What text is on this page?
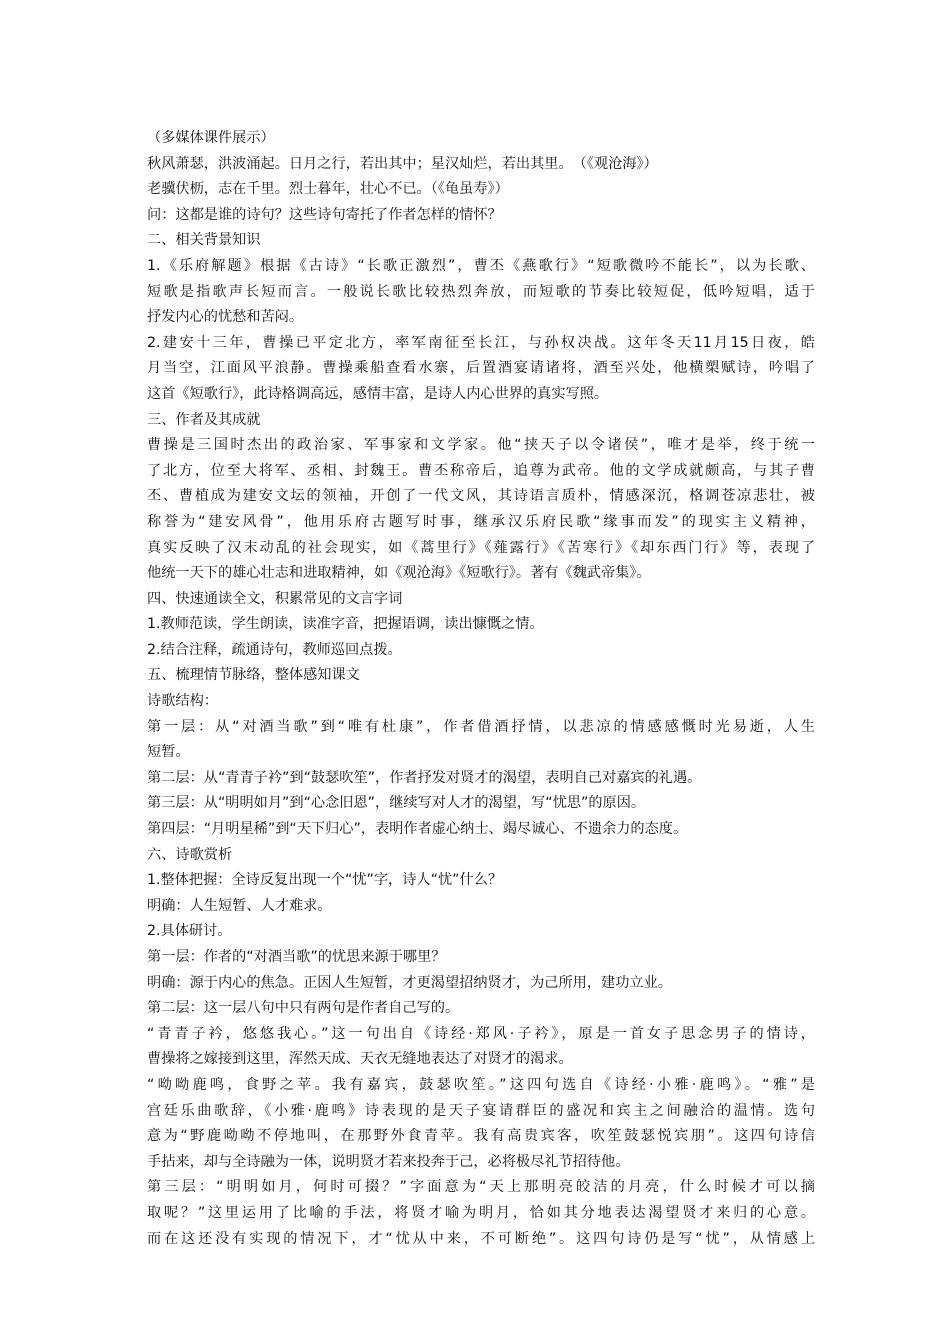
（多媒体课件展示）
秋风萧瑟，洪波涌起。日月之行，若出其中；星汉灿烂，若出其里。　（《观沧海》）
老骥伏枥，志在千里。烈士暮年，壮心不已。（《龟虽寿》）
问：这都是谁的诗句？这些诗句寄托了作者怎样的情怀？
二、相关背景知识
1.《乐府解题》根据《古诗》“长歌正激烈”，曹丕《燕歌行》“短歌微吟不能长”，以为长歌、
短歌是指歌声长短而言。一般说长歌比较热烈奔放，而短歌的节奏比较短促，低吟短唱，适于
抒发内心的忧愁和苦闷。
2.建安十三年，曹操已平定北方，率军南征至长江，与孙权决战。这年冬天11月15日夜，皓
月当空，江面风平浪静。曹操乘船查看水寨，后置酒宴请诸将，酒至兴处，他横槊赋诗，吟唱了
这首《短歌行》，此诗格调高远，感情丰富，是诗人内心世界的真实写照。
三、作者及其成就
曹操是三国时杰出的政治家、军事家和文学家。他“挟天子以令诸侯”，唯才是举，终于统一
了北方，位至大将军、丞相、封魏王。曹丕称帝后，追尊为武帝。他的文学成就颇高，与其子曹
丕、曹植成为建安文坛的领袖，开创了一代文风，其诗语言质朴，情感深沉，格调苍凉悲壮，被
称誉为“建安风骨”，他用乐府古题写时事，继承汉乐府民歌“缘事而发”的现实主义精神，
真实反映了汉末动乱的社会现实，如《蒿里行》《薤露行》《苦寒行》《却东西门行》等，表现了
他统一天下的雄心壮志和进取精神，如《观沧海》《短歌行》。著有《魏武帝集》。
四、快速通读全文，积累常见的文言字词
1.教师范读，学生朗读，读准字音，把握语调，读出慷慨之情。
2.结合注释，疏通诗句，教师巡回点拨。
五、梳理情节脉络，整体感知课文
诗歌结构：
第一层：从“对酒当歌”到“唯有杜康”，作者借酒抒情，以悲凉的情感感慨时光易逝，人生
短暂。
第二层：从“青青子衿”到“鼓瑟吹笙”，作者抒发对贤才的渴望，表明自己对嘉宾的礼遇。
第三层：从“明明如月”到“心念旧恩”，继续写对人才的渴望，写“忧思”的原因。
第四层：“月明星稀”到“天下归心”，表明作者虚心纳士、竭尽诚心、不遗余力的态度。
六、诗歌赏析
1.整体把握：全诗反复出现一个“忧”字，诗人“忧”什么？
明确：人生短暂、人才难求。
2.具体研讨。
第一层：作者的“对酒当歌”的忧思来源于哪里？
明确：源于内心的焦急。正因人生短暂，才更渴望招纳贤才，为己所用，建功立业。
第二层：这一层八句中只有两句是作者自己写的。
“青青子衿，悠悠我心。”这一句出自《诗经·郑风·子衿》，原是一首女子思念男子的情诗，
曹操将之嫁接到这里，浑然天成、天衣无缝地表达了对贤才的渴求。
“呦呦鹿鸣，食野之苹。我有嘉宾，鼓瑟吹笙。”这四句选自《诗经·小雅·鹿鸣》。“雅”是
宫廷乐曲歌辞，《小雅·鹿鸣》诗表现的是天子宴请群臣的盛况和宾主之间融洽的温情。选句
意为“野鹿呦呦不停地叫，在那野外食青苹。我有高贵宾客，吹笙鼓瑟悦宾朋”。这四句诗信
手拈来，却与全诗融为一体，说明贤才若来投奔于己，必将极尽礼节招待他。
第三层：“明明如月，何时可掇？”字面意为“天上那明亮皎洁的月亮，什么时候才可以摘
取呢？”这里运用了比喻的手法，将贤才喻为明月，恰如其分地表达渴望贤才来归的心意。
而在这还没有实现的情况下，才“忧从中来，不可断绝”。这四句诗仍是写“忧”，从情感上
